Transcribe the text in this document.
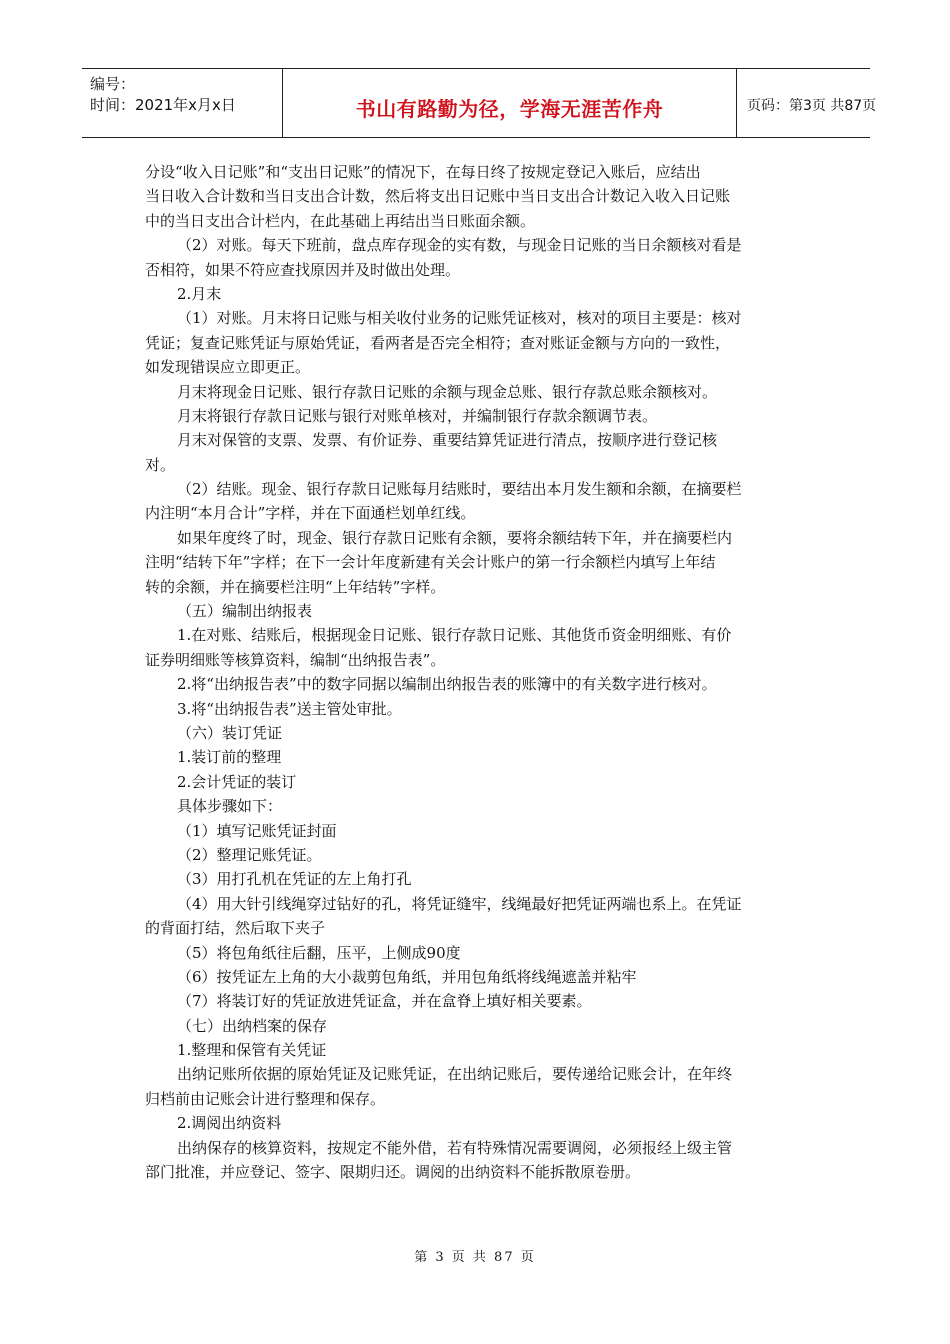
编号：
时间：2021年x月x日	书山有路勤为径，学海无涯苦作舟	页码：第3页 共87页
分设“收入日记账”和“支出日记账”的情况下，在每日终了按规定登记入账后，应结出
当日收入合计数和当日支出合计数，然后将支出日记账中当日支出合计数记入收入日记账
中的当日支出合计栏内，在此基础上再结出当日账面余额。
（2）对账。每天下班前，盘点库存现金的实有数，与现金日记账的当日余额核对看是
否相符，如果不符应查找原因并及时做出处理。
2.月末
（1）对账。月末将日记账与相关收付业务的记账凭证核对，核对的项目主要是：核对
凭证；复查记账凭证与原始凭证，看两者是否完全相符；查对账证金额与方向的一致性，
如发现错误应立即更正。
月末将现金日记账、银行存款日记账的余额与现金总账、银行存款总账余额核对。
月末将银行存款日记账与银行对账单核对，并编制银行存款余额调节表。
月末对保管的支票、发票、有价证券、重要结算凭证进行清点，按顺序进行登记核
对。
（2）结账。现金、银行存款日记账每月结账时，要结出本月发生额和余额，在摘要栏
内注明“本月合计”字样，并在下面通栏划单红线。
如果年度终了时，现金、银行存款日记账有余额，要将余额结转下年，并在摘要栏内
注明“结转下年”字样；在下一会计年度新建有关会计账户的第一行余额栏内填写上年结
转的余额，并在摘要栏注明“上年结转”字样。
（五）编制出纳报表
1.在对账、结账后，根据现金日记账、银行存款日记账、其他货币资金明细账、有价
证券明细账等核算资料，编制“出纳报告表”。
2.将“出纳报告表”中的数字同据以编制出纳报告表的账簿中的有关数字进行核对。
3.将“出纳报告表”送主管处审批。
（六）装订凭证
1.装订前的整理
2.会计凭证的装订
具体步骤如下：
（1）填写记账凭证封面
（2）整理记账凭证。
（3）用打孔机在凭证的左上角打孔
（4）用大针引线绳穿过钻好的孔，将凭证缝牢，线绳最好把凭证两端也系上。在凭证
的背面打结，然后取下夹子
（5）将包角纸往后翻，压平，上侧成90度
（6）按凭证左上角的大小裁剪包角纸，并用包角纸将线绳遮盖并粘牢
（7）将装订好的凭证放进凭证盒，并在盒脊上填好相关要素。
（七）出纳档案的保存
1.整理和保管有关凭证
出纳记账所依据的原始凭证及记账凭证，在出纳记账后，要传递给记账会计，在年终
归档前由记账会计进行整理和保存。
2.调阅出纳资料
出纳保存的核算资料，按规定不能外借，若有特殊情况需要调阅，必须报经上级主管
部门批准，并应登记、签字、限期归还。调阅的出纳资料不能拆散原卷册。
第 3 页 共 87 页
